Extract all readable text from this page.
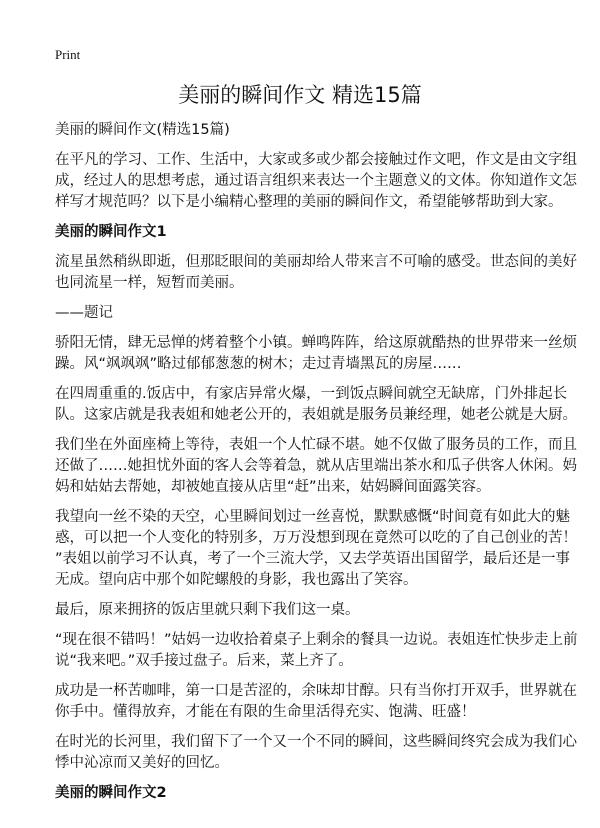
Print
美丽的瞬间作文 精选15篇
美丽的瞬间作文(精选15篇)
在平凡的学习、工作、生活中，大家或多或少都会接触过作文吧，作文是由文字组
成，经过人的思想考虑，通过语言组织来表达一个主题意义的文体。你知道作文怎
样写才规范吗？以下是小编精心整理的美丽的瞬间作文，希望能够帮助到大家。
美丽的瞬间作文1
流星虽然稍纵即逝，但那眨眼间的美丽却给人带来言不可喻的感受。世态间的美好
也同流星一样，短暂而美丽。
——题记
骄阳无情，肆无忌惮的烤着整个小镇。蝉鸣阵阵，给这原就酷热的世界带来一丝烦
躁。风“飒飒飒”略过郁郁葱葱的树木；走过青墙黑瓦的房屋……
在四周重重的.饭店中，有家店异常火爆，一到饭点瞬间就空无缺席，门外排起长
队。这家店就是我表姐和她老公开的，表姐就是服务员兼经理，她老公就是大厨。
我们坐在外面座椅上等待，表姐一个人忙碌不堪。她不仅做了服务员的工作，而且
还做了……她担忧外面的客人会等着急，就从店里端出茶水和瓜子供客人休闲。妈
妈和姑姑去帮她，却被她直接从店里“赶”出来，姑妈瞬间面露笑容。
我望向一丝不染的天空，心里瞬间划过一丝喜悦，默默感慨“时间竟有如此大的魅
惑，可以把一个人变化的特别多，万万没想到现在竟然可以吃的了自己创业的苦！
”表姐以前学习不认真，考了一个三流大学，又去学英语出国留学，最后还是一事
无成。望向店中那个如陀螺般的身影，我也露出了笑容。
最后，原来拥挤的饭店里就只剩下我们这一桌。
“现在很不错吗！”姑妈一边收拾着桌子上剩余的餐具一边说。表姐连忙快步走上前
说“我来吧。”双手接过盘子。后来，菜上齐了。
成功是一杯苦咖啡，第一口是苦涩的，余味却甘醇。只有当你打开双手，世界就在
你手中。懂得放弃，才能在有限的生命里活得充实、饱满、旺盛！
在时光的长河里，我们留下了一个又一个不同的瞬间，这些瞬间终究会成为我们心
悸中沁凉而又美好的回忆。
美丽的瞬间作文2
